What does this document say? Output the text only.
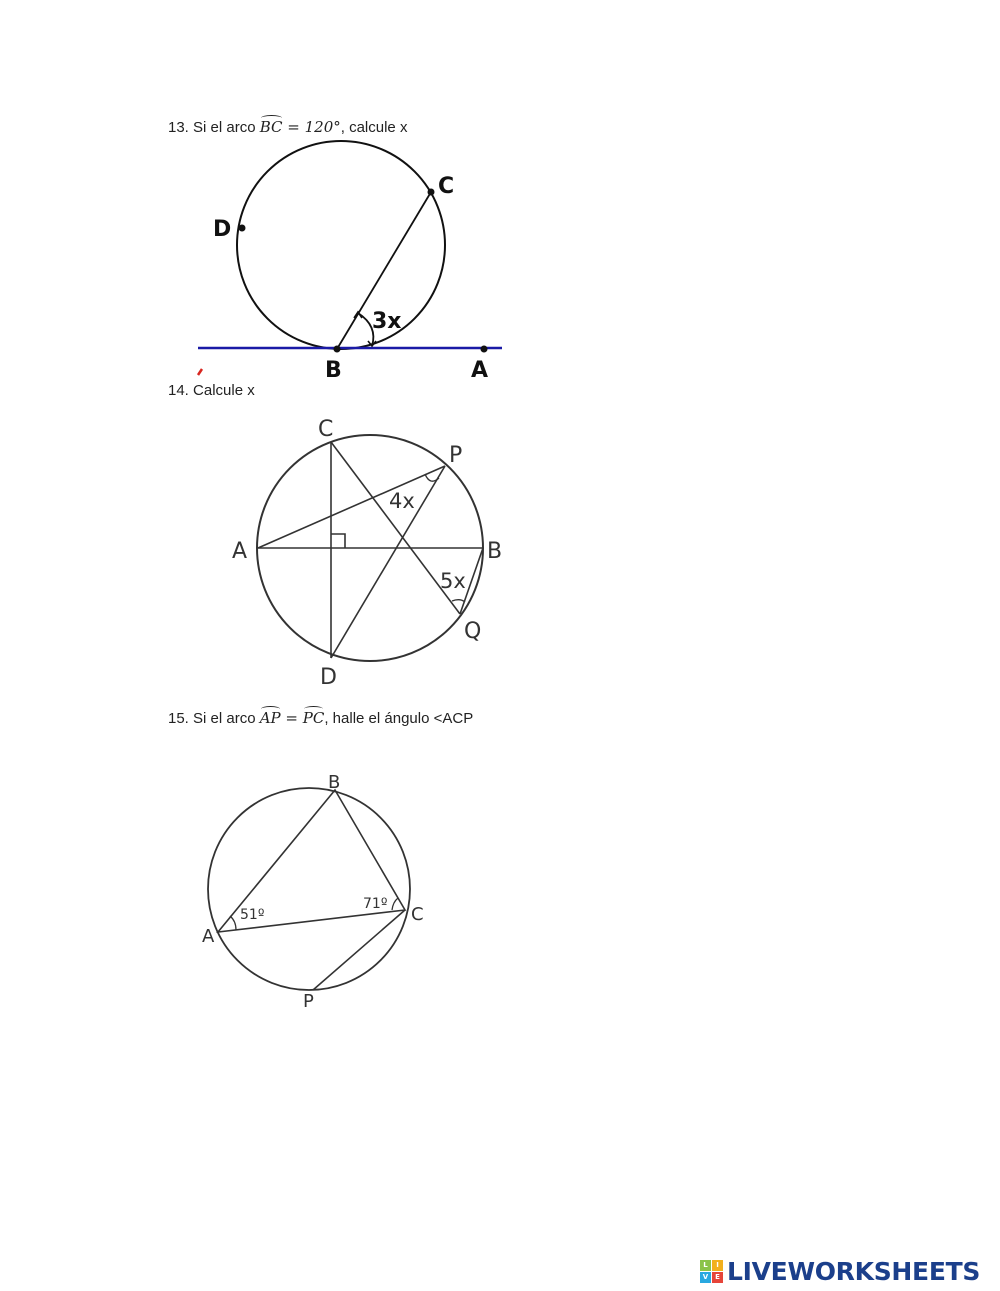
13. Si el arco BC = 120°, calcule x
14. Calcule x
15. Si el arco AP = PC, halle el ángulo <ACP
C
D
3x
B	A
C
P
4x
A	B
5x
Q
D
B
51º
71º C
A
P
L	I
V E LIVEWORKSHEETS
